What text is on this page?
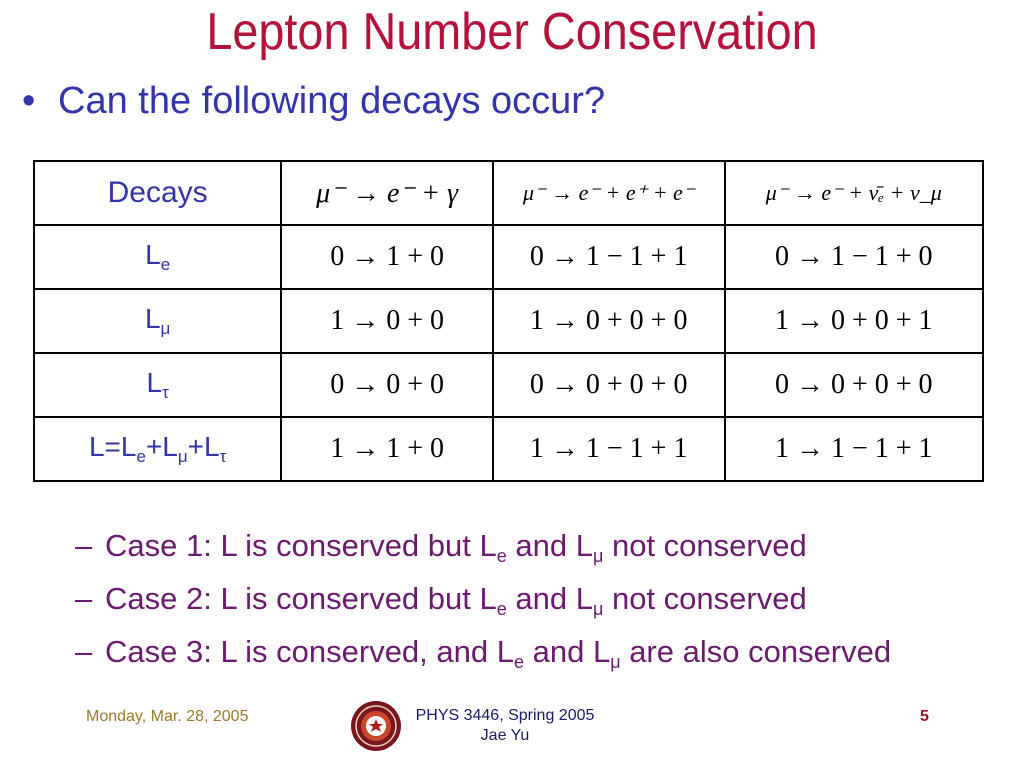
Lepton Number Conservation
• Can the following decays occur?
Decays	μ⁻ → e⁻ + γ	μ⁻ → e⁻ + e⁺ + e⁻	μ⁻ → e⁻ + ν̄ₑ + ν_μ
$L_e$	0 → 1 + 0	0 → 1 − 1 + 1	0 → 1 − 1 + 0
$L_\mu$	1 → 0 + 0	1 → 0 + 0 + 0	1 → 0 + 0 + 1
$L_\tau$	0 → 0 + 0	0 → 0 + 0 + 0	0 → 0 + 0 + 0
$L=L_e+L_\mu+L_\tau$	1 → 1 + 0	1 → 1 − 1 + 1	1 → 1 − 1 + 1
– Case 1: L is conserved but $L_e$ and $L_\mu$ not conserved
– Case 2: L is conserved but $L_e$ and $L_\mu$ not conserved
– Case 3: L is conserved, and $L_e$ and $L_\mu$ are also conserved
Monday, Mar. 28, 2005	PHYS 3446, Spring 2005
Jae Yu
5
